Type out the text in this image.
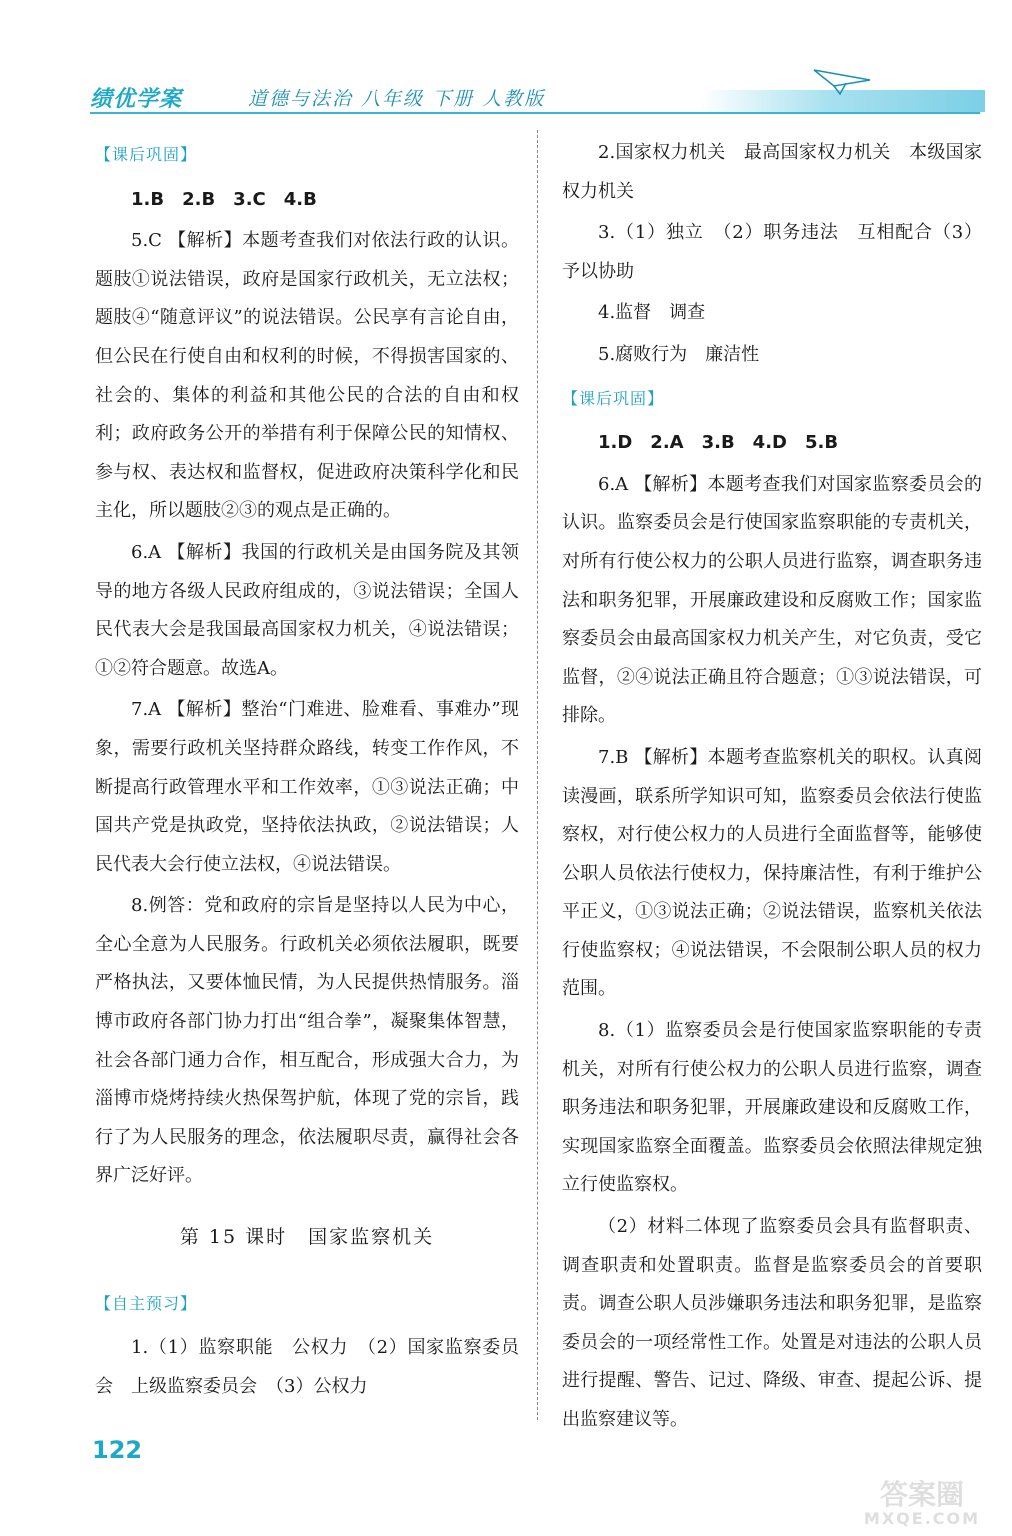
绩优学案	道德与法治 八年级 下册 人教版
【课后巩固】

1.B　2.B　3.C　4.B

5.C 【解析】本题考查我们对依法行政的认识。题肢①说法错误，政府是国家行政机关，无立法权；题肢④“随意评议”的说法错误。公民享有言论自由，但公民在行使自由和权利的时候，不得损害国家的、社会的、集体的利益和其他公民的合法的自由和权利；政府政务公开的举措有利于保障公民的知情权、参与权、表达权和监督权，促进政府决策科学化和民主化，所以题肢②③的观点是正确的。

6.A 【解析】我国的行政机关是由国务院及其领导的地方各级人民政府组成的，③说法错误；全国人民代表大会是我国最高国家权力机关，④说法错误；①②符合题意。故选A。

7.A 【解析】整治“门难进、脸难看、事难办”现象，需要行政机关坚持群众路线，转变工作作风，不断提高行政管理水平和工作效率，①③说法正确；中国共产党是执政党，坚持依法执政，②说法错误；人民代表大会行使立法权，④说法错误。

8.例答：党和政府的宗旨是坚持以人民为中心，全心全意为人民服务。行政机关必须依法履职，既要严格执法，又要体恤民情，为人民提供热情服务。淄博市政府各部门协力打出“组合拳”，凝聚集体智慧，社会各部门通力合作，相互配合，形成强大合力，为淄博市烧烤持续火热保驾护航，体现了党的宗旨，践行了为人民服务的理念，依法履职尽责，赢得社会各界广泛好评。

第 15 课时　国家监察机关
【自主预习】

1.（1）监察职能　公权力　（2）国家监察委员会　上级监察委员会　（3）公权力

2.国家权力机关　最高国家权力机关　本级国家权力机关

3.（1）独立　（2）职务违法　互相配合（3）予以协助

4.监督　调查

5.腐败行为　廉洁性

【课后巩固】

1.D　2.A　3.B　4.D　5.B

6.A 【解析】本题考查我们对国家监察委员会的认识。监察委员会是行使国家监察职能的专责机关，对所有行使公权力的公职人员进行监察，调查职务违法和职务犯罪，开展廉政建设和反腐败工作；国家监察委员会由最高国家权力机关产生，对它负责，受它监督，②④说法正确且符合题意；①③说法错误，可排除。

7.B 【解析】本题考查监察机关的职权。认真阅读漫画，联系所学知识可知，监察委员会依法行使监察权，对行使公权力的人员进行全面监督等，能够使公职人员依法行使权力，保持廉洁性，有利于维护公平正义，①③说法正确；②说法错误，监察机关依法行使监察权；④说法错误，不会限制公职人员的权力范围。

8.（1）监察委员会是行使国家监察职能的专责机关，对所有行使公权力的公职人员进行监察，调查职务违法和职务犯罪，开展廉政建设和反腐败工作，实现国家监察全面覆盖。监察委员会依照法律规定独立行使监察权。

（2）材料二体现了监察委员会具有监督职责、调查职责和处置职责。监督是监察委员会的首要职责。调查公职人员涉嫌职务违法和职务犯罪，是监察委员会的一项经常性工作。处置是对违法的公职人员进行提醒、警告、记过、降级、审查、提起公诉、提出监察建议等。

122
答案圈
MXQE.COM
